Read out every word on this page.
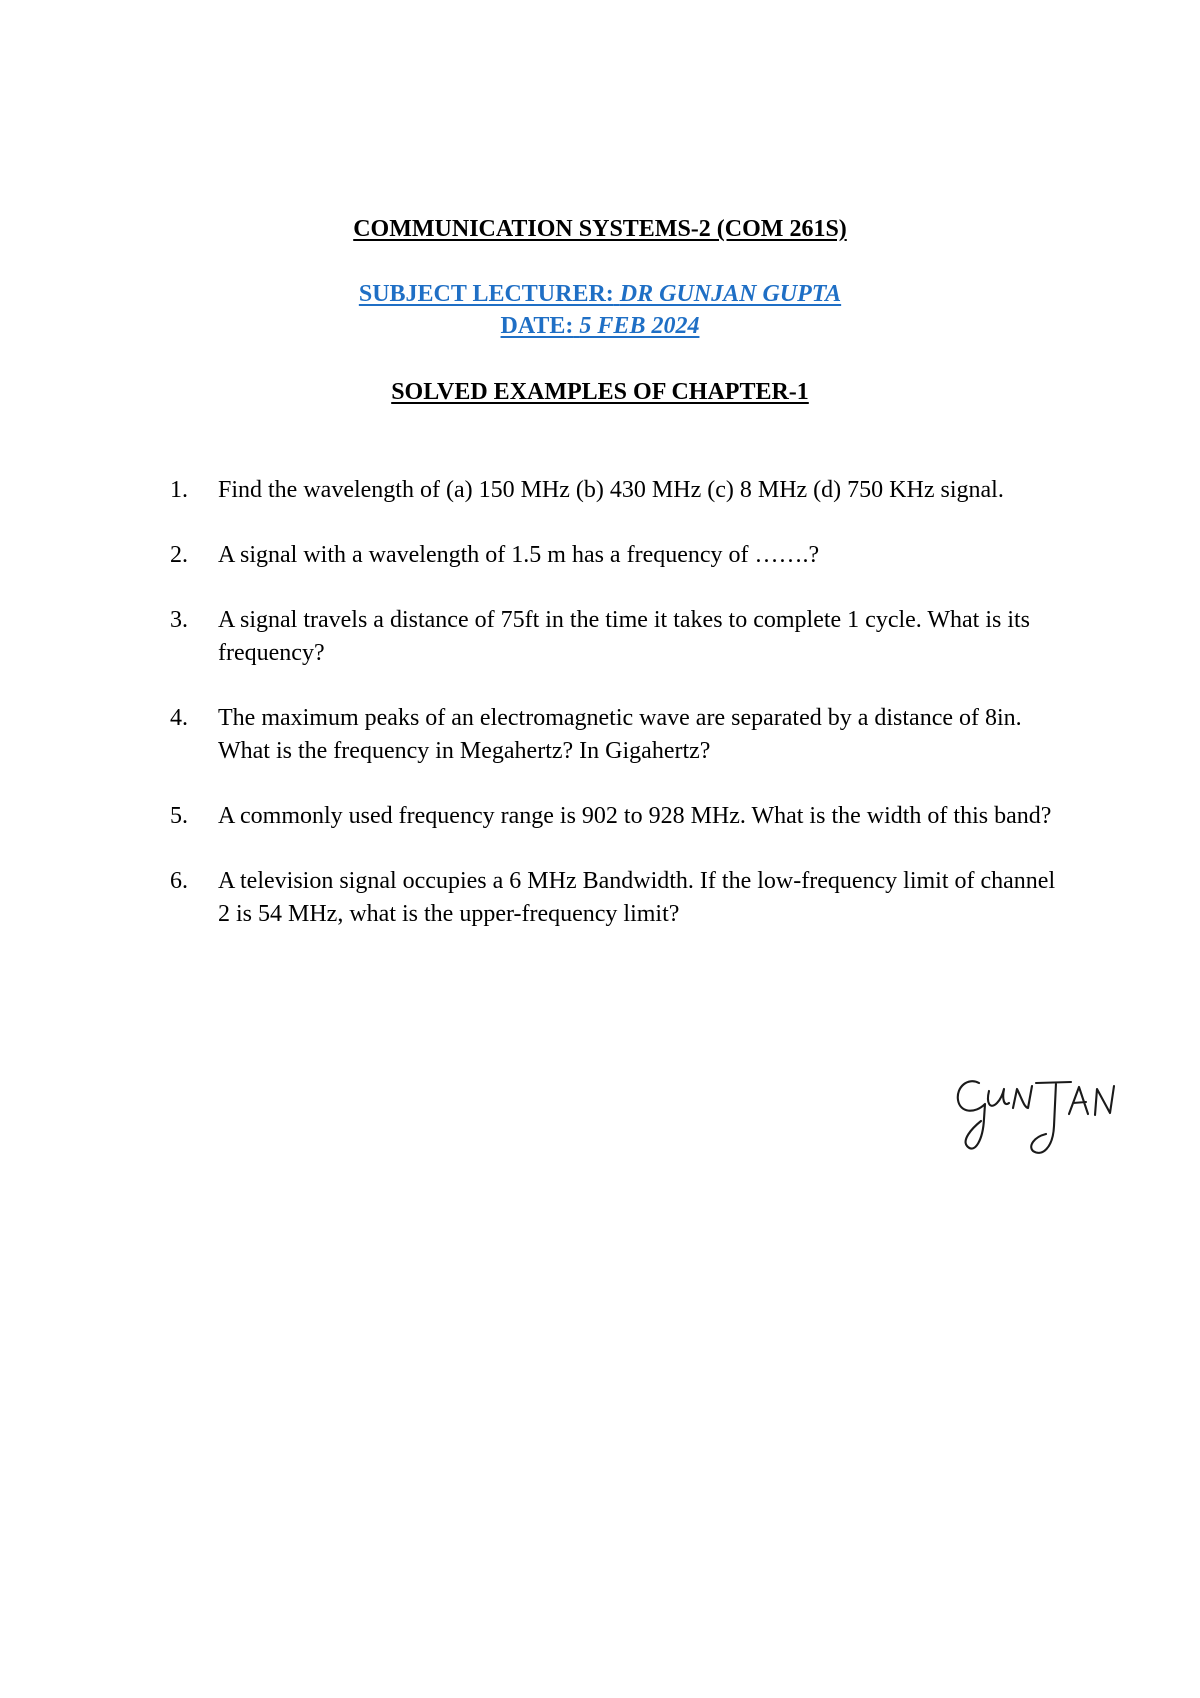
COMMUNICATION SYSTEMS-2 (COM 261S)
SUBJECT LECTURER: DR GUNJAN GUPTA
DATE: 5 FEB 2024
SOLVED EXAMPLES OF CHAPTER-1
1.	Find the wavelength of (a) 150 MHz (b) 430 MHz (c) 8 MHz (d) 750 KHz signal.
2.	A signal with a wavelength of 1.5 m has a frequency of …….?
3.	A signal travels a distance of 75ft in the time it takes to complete 1 cycle. What is its frequency?
4.	The maximum peaks of an electromagnetic wave are separated by a distance of 8in. What is the frequency in Megahertz? In Gigahertz?
5.	A commonly used frequency range is 902 to 928 MHz. What is the width of this band?
6.	A television signal occupies a 6 MHz Bandwidth. If the low-frequency limit of channel 2 is 54 MHz, what is the upper-frequency limit?
